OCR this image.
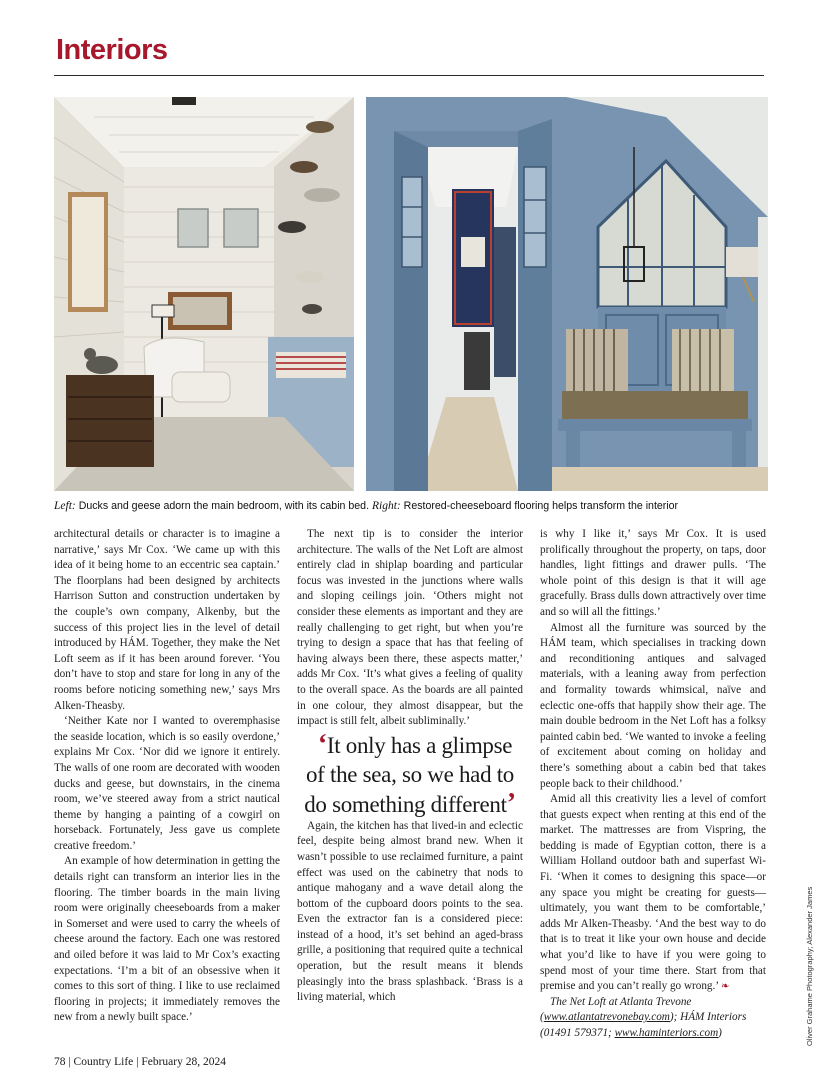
Interiors

Left: Ducks and geese adorn the main bedroom, with its cabin bed. Right: Restored-cheeseboard flooring helps transform the interior

architectural details or character is to imagine a narrative,’ says Mr Cox. ‘We came up with this idea of it being home to an eccentric sea captain.’ The floorplans had been designed by architects Harrison Sutton and construction undertaken by the couple’s own company, Alkenby, but the success of this project lies in the level of detail introduced by HÁM. Together, they make the Net Loft seem as if it has been around forever. ‘You don’t have to stop and stare for long in any of the rooms before noticing something new,’ says Mrs Alken-Theasby.

‘Neither Kate nor I wanted to overemphasise the seaside location, which is so easily overdone,’ explains Mr Cox. ‘Nor did we ignore it entirely. The walls of one room are decorated with wooden ducks and geese, but downstairs, in the cinema room, we’ve steered away from a strict nautical theme by hanging a painting of a cowgirl on horseback. Fortunately, Jess gave us complete creative freedom.’

An example of how determination in getting the details right can transform an interior lies in the flooring. The timber boards in the main living room were originally cheeseboards from a maker in Somerset and were used to carry the wheels of cheese around the factory. Each one was restored and oiled before it was laid to Mr Cox’s exacting expectations. ‘I’m a bit of an obsessive when it comes to this sort of thing. I like to use reclaimed flooring in projects; it immediately removes the new from a newly built space.’

The next tip is to consider the interior architecture. The walls of the Net Loft are almost entirely clad in shiplap boarding and particular focus was invested in the junctions where walls and sloping ceilings join. ‘Others might not consider these elements as important and they are really challenging to get right, but when you’re trying to design a space that has that feeling of having always been there, these aspects matter,’ adds Mr Cox. ‘It’s what gives a feeling of quality to the overall space. As the boards are all painted in one colour, they almost disappear, but the impact is still felt, albeit subliminally.’

‘It only has a glimpse of the sea, so we had to do something different’

Again, the kitchen has that lived-in and eclectic feel, despite being almost brand new. When it wasn’t possible to use reclaimed furniture, a paint effect was used on the cabinetry that nods to antique mahogany and a wave detail along the bottom of the cupboard doors points to the sea. Even the extractor fan is a considered piece: instead of a hood, it’s set behind an aged-brass grille, a positioning that required quite a technical operation, but the result means it blends pleasingly into the brass splashback. ‘Brass is a living material, which

is why I like it,’ says Mr Cox. It is used prolifically throughout the property, on taps, door handles, light fittings and drawer pulls. ‘The whole point of this design is that it will age gracefully. Brass dulls down attractively over time and so will all the fittings.’

Almost all the furniture was sourced by the HÁM team, which specialises in tracking down and reconditioning antiques and salvaged materials, with a leaning away from perfection and formality towards whimsical, naïve and eclectic one-offs that happily show their age. The main double bedroom in the Net Loft has a folksy painted cabin bed. ‘We wanted to invoke a feeling of excitement about coming on holiday and there’s something about a cabin bed that takes people back to their childhood.’

Amid all this creativity lies a level of comfort that guests expect when renting at this end of the market. The mattresses are from Vispring, the bedding is made of Egyptian cotton, there is a William Holland outdoor bath and superfast Wi-Fi. ‘When it comes to designing this space—or any space you might be creating for guests—ultimately, you want them to be comfortable,’ adds Mr Alken-Theasby. ‘And the best way to do that is to treat it like your own house and decide what you’d like to have if you were going to spend most of your time there. Start from that premise and you can’t really go wrong.’ ❧

The Net Loft at Atlanta Trevone (www.atlantatrevonebay.com); HÁM Interiors (01491 579371; www.haminteriors.com)

78 | Country Life | February 28, 2024

Oliver Grahame Photography; Alexander James
